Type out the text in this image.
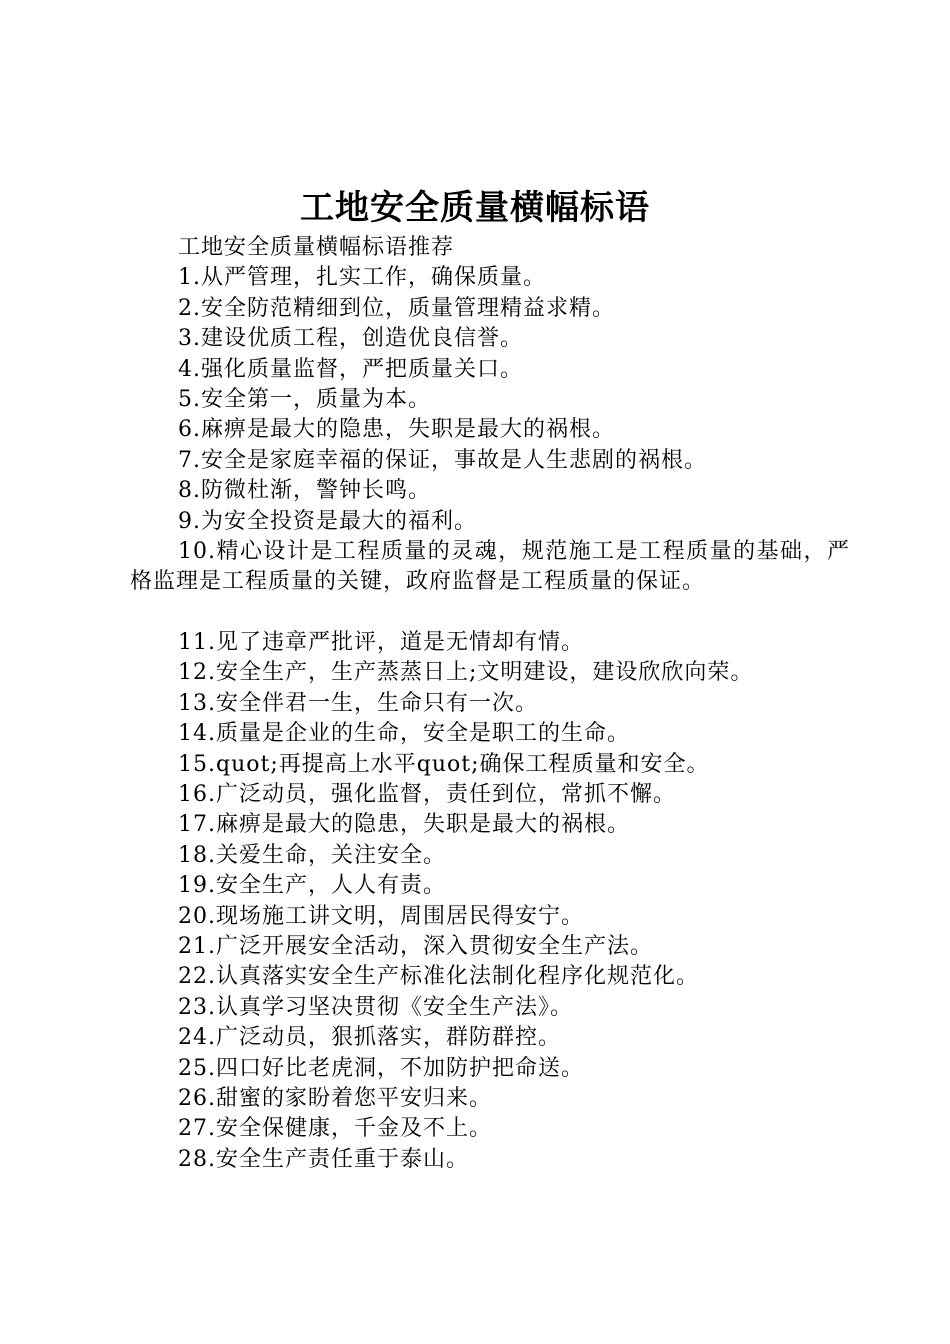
工地安全质量横幅标语
工地安全质量横幅标语推荐
1.从严管理，扎实工作，确保质量。
2.安全防范精细到位，质量管理精益求精。
3.建设优质工程，创造优良信誉。
4.强化质量监督，严把质量关口。
5.安全第一，质量为本。
6.麻痹是最大的隐患，失职是最大的祸根。
7.安全是家庭幸福的保证，事故是人生悲剧的祸根。
8.防微杜渐，警钟长鸣。
9.为安全投资是最大的福利。
10.精心设计是工程质量的灵魂，规范施工是工程质量的基础，严格监理是工程质量的关键，政府监督是工程质量的保证。
11.见了违章严批评，道是无情却有情。
12.安全生产，生产蒸蒸日上;文明建设，建设欣欣向荣。
13.安全伴君一生，生命只有一次。
14.质量是企业的生命，安全是职工的生命。
15.quot;再提高上水平quot;确保工程质量和安全。
16.广泛动员，强化监督，责任到位，常抓不懈。
17.麻痹是最大的隐患，失职是最大的祸根。
18.关爱生命，关注安全。
19.安全生产，人人有责。
20.现场施工讲文明，周围居民得安宁。
21.广泛开展安全活动，深入贯彻安全生产法。
22.认真落实安全生产标准化法制化程序化规范化。
23.认真学习坚决贯彻《安全生产法》。
24.广泛动员，狠抓落实，群防群控。
25.四口好比老虎洞，不加防护把命送。
26.甜蜜的家盼着您平安归来。
27.安全保健康，千金及不上。
28.安全生产责任重于泰山。
